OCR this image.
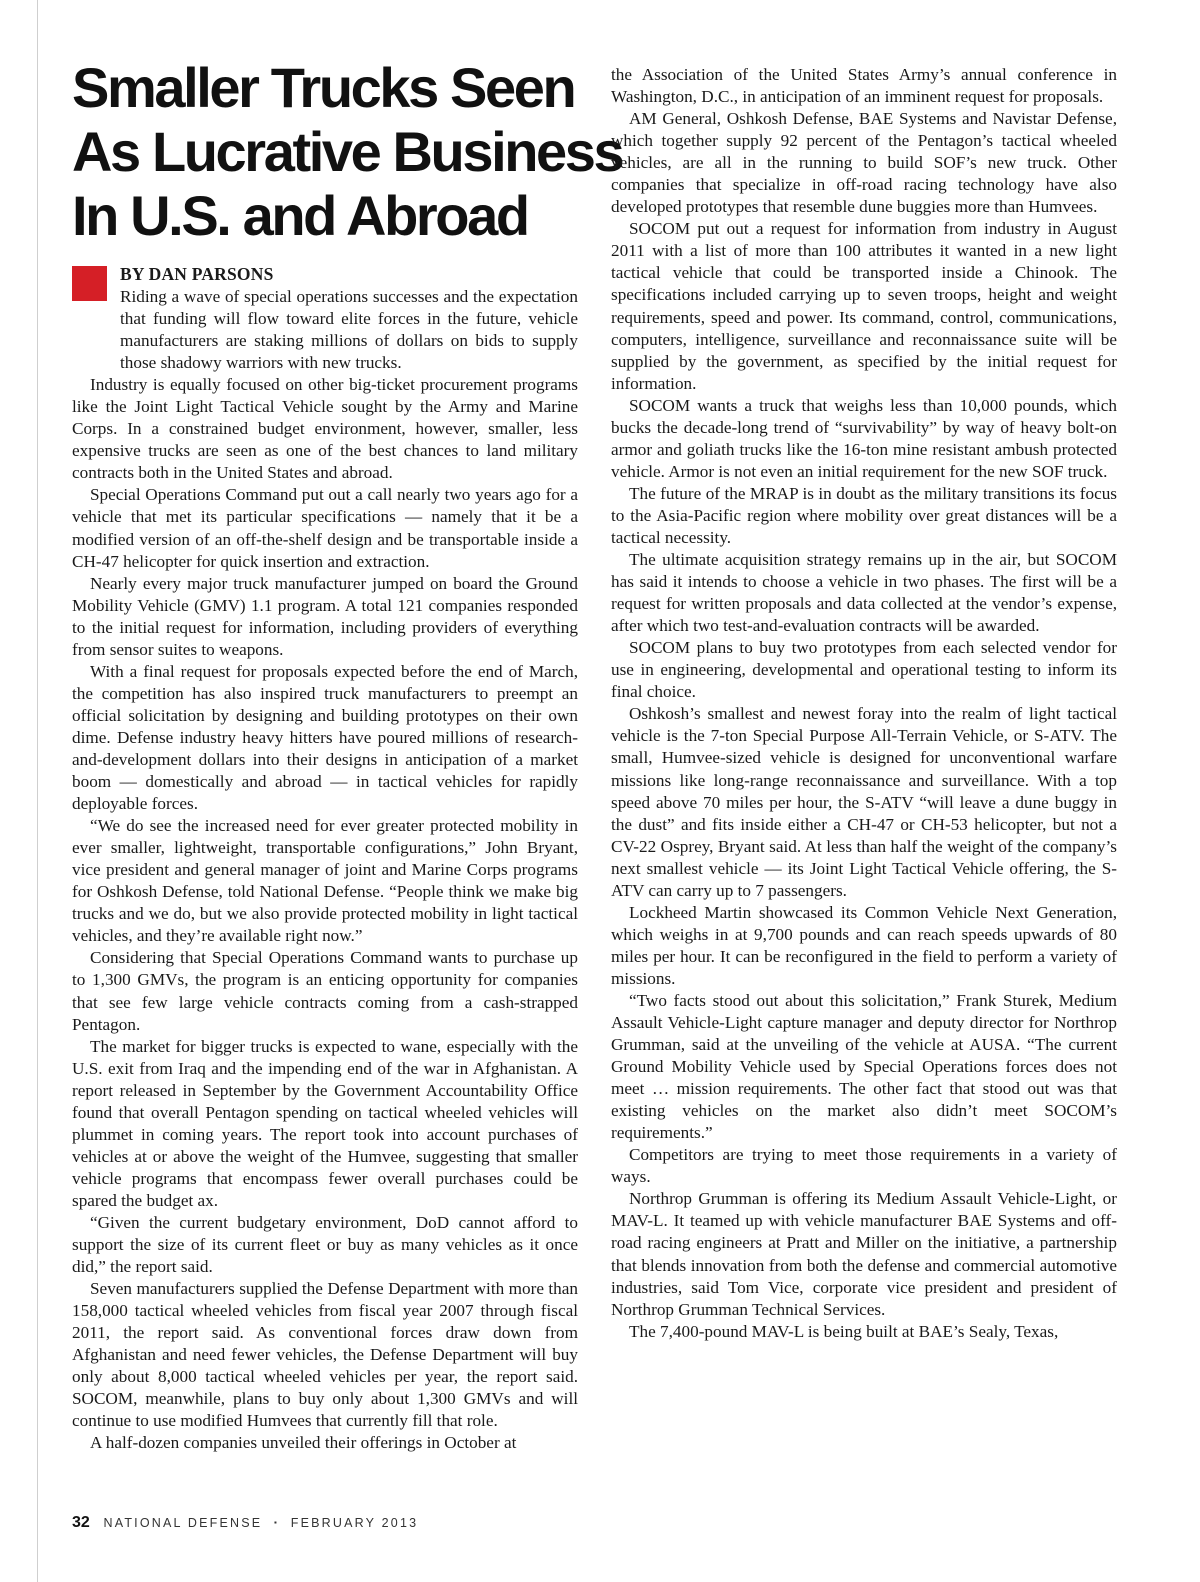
Smaller Trucks Seen
As Lucrative Business
In U.S. and Abroad
BY DAN PARSONS

Riding a wave of special operations successes and the expectation that funding will flow toward elite forces in the future, vehicle manufacturers are staking millions of dollars on bids to supply those shadowy warriors with new trucks.

Industry is equally focused on other big-ticket procurement programs like the Joint Light Tactical Vehicle sought by the Army and Marine Corps. In a constrained budget environment, however, smaller, less expensive trucks are seen as one of the best chances to land military contracts both in the United States and abroad.

Special Operations Command put out a call nearly two years ago for a vehicle that met its particular specifications — namely that it be a modified version of an off-the-shelf design and be transportable inside a CH-47 helicopter for quick insertion and extraction.

Nearly every major truck manufacturer jumped on board the Ground Mobility Vehicle (GMV) 1.1 program. A total 121 companies responded to the initial request for information, including providers of everything from sensor suites to weapons.

With a final request for proposals expected before the end of March, the competition has also inspired truck manufacturers to preempt an official solicitation by designing and building prototypes on their own dime. Defense industry heavy hitters have poured millions of research-and-development dollars into their designs in anticipation of a market boom — domestically and abroad — in tactical vehicles for rapidly deployable forces.

“We do see the increased need for ever greater protected mobility in ever smaller, lightweight, transportable configurations,” John Bryant, vice president and general manager of joint and Marine Corps programs for Oshkosh Defense, told National Defense. “People think we make big trucks and we do, but we also provide protected mobility in light tactical vehicles, and they’re available right now.”

Considering that Special Operations Command wants to purchase up to 1,300 GMVs, the program is an enticing opportunity for companies that see few large vehicle contracts coming from a cash-strapped Pentagon.

The market for bigger trucks is expected to wane, especially with the U.S. exit from Iraq and the impending end of the war in Afghanistan. A report released in September by the Government Accountability Office found that overall Pentagon spending on tactical wheeled vehicles will plummet in coming years. The report took into account purchases of vehicles at or above the weight of the Humvee, suggesting that smaller vehicle programs that encompass fewer overall purchases could be spared the budget ax.

“Given the current budgetary environment, DoD cannot afford to support the size of its current fleet or buy as many vehicles as it once did,” the report said.

Seven manufacturers supplied the Defense Department with more than 158,000 tactical wheeled vehicles from fiscal year 2007 through fiscal 2011, the report said. As conventional forces draw down from Afghanistan and need fewer vehicles, the Defense Department will buy only about 8,000 tactical wheeled vehicles per year, the report said. SOCOM, meanwhile, plans to buy only about 1,300 GMVs and will continue to use modified Humvees that currently fill that role.

A half-dozen companies unveiled their offerings in October at

the Association of the United States Army’s annual conference in Washington, D.C., in anticipation of an imminent request for proposals.

AM General, Oshkosh Defense, BAE Systems and Navistar Defense, which together supply 92 percent of the Pentagon’s tactical wheeled vehicles, are all in the running to build SOF’s new truck. Other companies that specialize in off-road racing technology have also developed prototypes that resemble dune buggies more than Humvees.

SOCOM put out a request for information from industry in August 2011 with a list of more than 100 attributes it wanted in a new light tactical vehicle that could be transported inside a Chinook. The specifications included carrying up to seven troops, height and weight requirements, speed and power. Its command, control, communications, computers, intelligence, surveillance and reconnaissance suite will be supplied by the government, as specified by the initial request for information.

SOCOM wants a truck that weighs less than 10,000 pounds, which bucks the decade-long trend of “survivability” by way of heavy bolt-on armor and goliath trucks like the 16-ton mine resistant ambush protected vehicle. Armor is not even an initial requirement for the new SOF truck.

The future of the MRAP is in doubt as the military transitions its focus to the Asia-Pacific region where mobility over great distances will be a tactical necessity.

The ultimate acquisition strategy remains up in the air, but SOCOM has said it intends to choose a vehicle in two phases. The first will be a request for written proposals and data collected at the vendor’s expense, after which two test-and-evaluation contracts will be awarded.

SOCOM plans to buy two prototypes from each selected vendor for use in engineering, developmental and operational testing to inform its final choice.

Oshkosh’s smallest and newest foray into the realm of light tactical vehicle is the 7-ton Special Purpose All-Terrain Vehicle, or S-ATV. The small, Humvee-sized vehicle is designed for unconventional warfare missions like long-range reconnaissance and surveillance. With a top speed above 70 miles per hour, the S-ATV “will leave a dune buggy in the dust” and fits inside either a CH-47 or CH-53 helicopter, but not a CV-22 Osprey, Bryant said. At less than half the weight of the company’s next smallest vehicle — its Joint Light Tactical Vehicle offering, the S-ATV can carry up to 7 passengers.

Lockheed Martin showcased its Common Vehicle Next Generation, which weighs in at 9,700 pounds and can reach speeds upwards of 80 miles per hour. It can be reconfigured in the field to perform a variety of missions.

“Two facts stood out about this solicitation,” Frank Sturek, Medium Assault Vehicle-Light capture manager and deputy director for Northrop Grumman, said at the unveiling of the vehicle at AUSA. “The current Ground Mobility Vehicle used by Special Operations forces does not meet … mission requirements. The other fact that stood out was that existing vehicles on the market also didn’t meet SOCOM’s requirements.”

Competitors are trying to meet those requirements in a variety of ways.

Northrop Grumman is offering its Medium Assault Vehicle-Light, or MAV-L. It teamed up with vehicle manufacturer BAE Systems and off-road racing engineers at Pratt and Miller on the initiative, a partnership that blends innovation from both the defense and commercial automotive industries, said Tom Vice, corporate vice president and president of Northrop Grumman Technical Services.

The 7,400-pound MAV-L is being built at BAE’s Sealy, Texas,

32 NATIONAL DEFENSE ▪ FEBRUARY 2013
